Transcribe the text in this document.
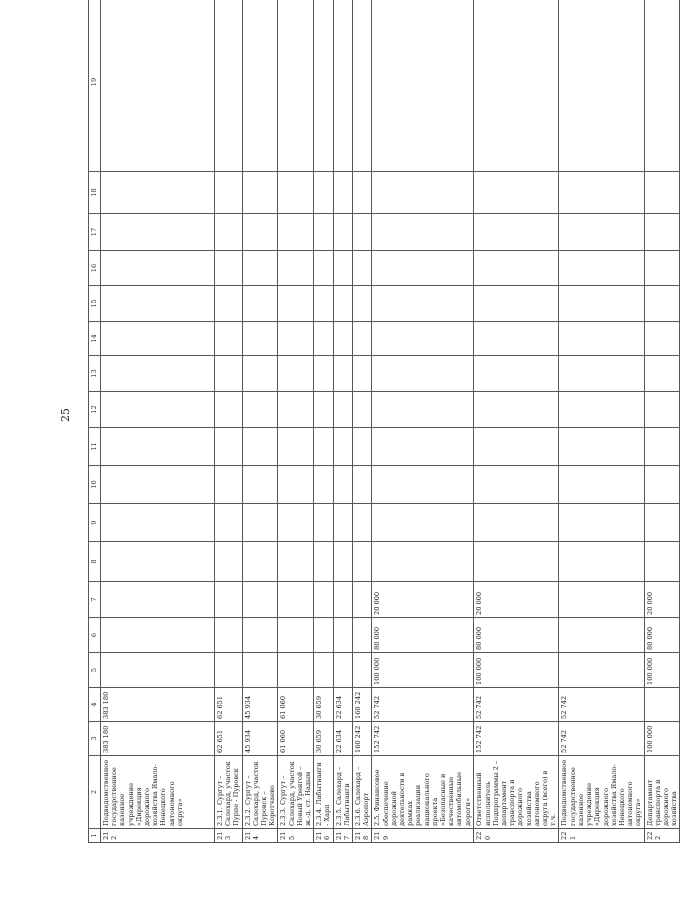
25
1	2	3	4	5	6	7	8	9	10	11	12	13	14	15	16	17	18	19
212	Подведомственное государственное казенное учреждение «Дирекция дорожного хозяйства Ямало-Ненецкого автономного округа»	383 180	383 180															
213	2.3.1. Сургут – Салехард, участок Пурпе - Пуровск	62 651	62 651															
214	2.3.2. Сургут – Салехард, участок Пуровск – Коротчаево	45 934	45 934															
215	2.3.3. Сургут – Салехард, участок Новый Уренгой – ж.-д. ст. Надым	61 060	61 060															
216	2.3.4. Лабытнанги - Харп	30 659	30 659															
217	2.3.5. Салехард – Лабытнанги	22 634	22 634															
218	2.3.6. Салехард – Аэропорт	160 242	160 242															
219	2.5. Финансовое обеспечение дорожной деятельности в рамках реализации национального проекта «Безопасные и качественные автомобильные дороги»	152 742	52 742	100 000	80 000	20 000												
220	Ответственный исполнитель Подпрограммы 2 – департамент транспорта и дорожного хозяйства автономного округа (всего) в т.ч.	152 742	52 742	100 000	80 000	20 000												
221	Подведомственное государственное казенное учреждение «Дирекция дорожного хозяйства Ямало-Ненецкого автономного округа»	52 742	52 742															
222	Департамент транспорта и дорожного хозяйства	100 000		100 000	80 000	20 000												
